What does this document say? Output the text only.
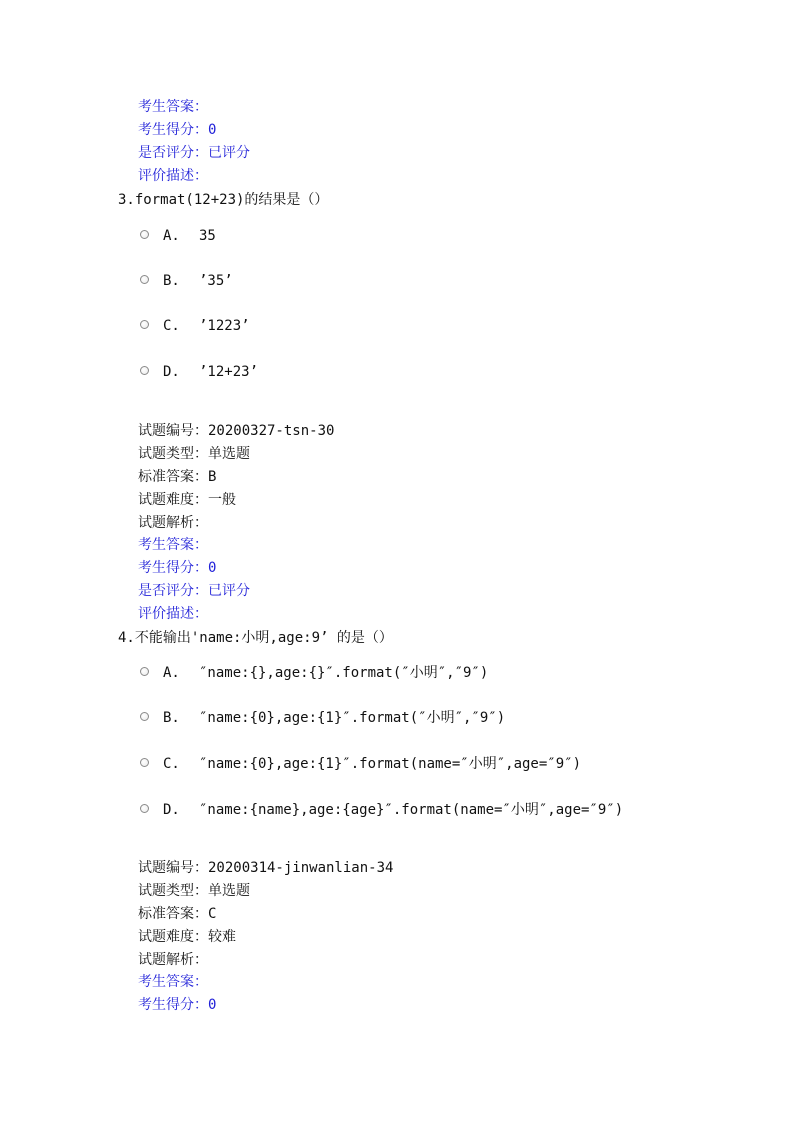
考生答案：
考生得分：0
是否评分：已评分
评价描述：
3.format(12+23)的结果是（）
A.	35
B.	’35’
C.	’1223’
D.	’12+23’
试题编号：20200327-tsn-30
试题类型：单选题
标准答案：B
试题难度：一般
试题解析：
考生答案：
考生得分：0
是否评分：已评分
评价描述：
4.不能输出'name:小明,age:9’ 的是（）
A.	″name:{},age:{}″.format(″小明″,″9″)
B.	″name:{0},age:{1}″.format(″小明″,″9″)
C.	″name:{0},age:{1}″.format(name=″小明″,age=″9″)
D.	″name:{name},age:{age}″.format(name=″小明″,age=″9″)
试题编号：20200314-jinwanlian-34
试题类型：单选题
标准答案：C
试题难度：较难
试题解析：
考生答案：
考生得分：0
